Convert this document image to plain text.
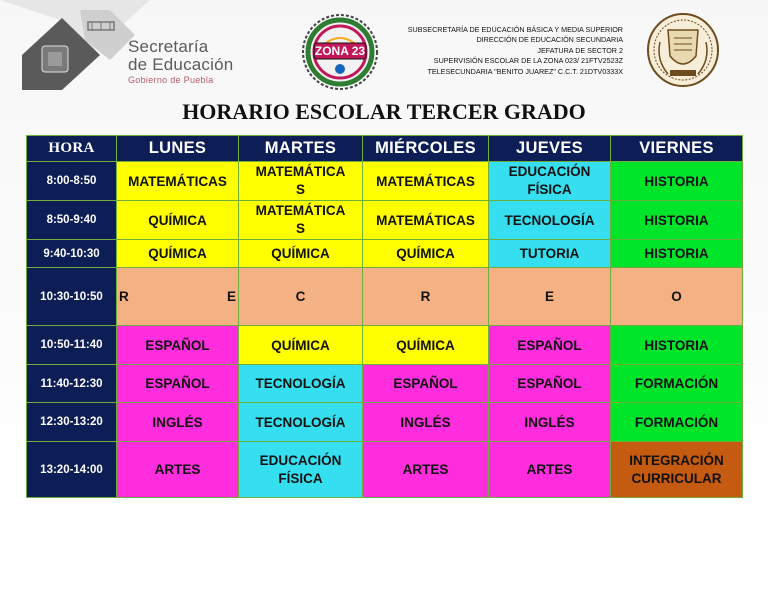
Secretaría
de Educación
Gobierno de Puebla
ZONA 23
SUBSECRETARÍA DE EDUCACIÓN BÁSICA Y MEDIA SUPERIOR
DIRECCIÓN DE EDUCACIÓN SECUNDARIA
JEFATURA DE SECTOR 2
SUPERVISIÓN ESCOLAR DE LA ZONA 023/ 21FTV2523Z
TELESECUNDARIA "BENITO JUAREZ" C.C.T. 21DTV0333X
HORARIO ESCOLAR TERCER GRADO
HORA	LUNES	MARTES	MIÉRCOLES	JUEVES	VIERNES
8:00-8:50	MATEMÁTICAS	MATEMÁTICA
S	MATEMÁTICAS	EDUCACIÓN
FÍSICA	HISTORIA
8:50-9:40	QUÍMICA	MATEMÁTICA
S	MATEMÁTICAS	TECNOLOGÍA	HISTORIA
9:40-10:30	QUÍMICA	QUÍMICA	QUÍMICA	TUTORIA	HISTORIA
10:30-10:50	R E	C	R	E	O
10:50-11:40	ESPAÑOL	QUÍMICA	QUÍMICA	ESPAÑOL	HISTORIA
11:40-12:30	ESPAÑOL	TECNOLOGÍA	ESPAÑOL	ESPAÑOL	FORMACIÓN
12:30-13:20	INGLÉS	TECNOLOGÍA	INGLÉS	INGLÉS	FORMACIÓN
13:20-14:00	ARTES	EDUCACIÓN
FÍSICA	ARTES	ARTES	INTEGRACIÓN
CURRICULAR
